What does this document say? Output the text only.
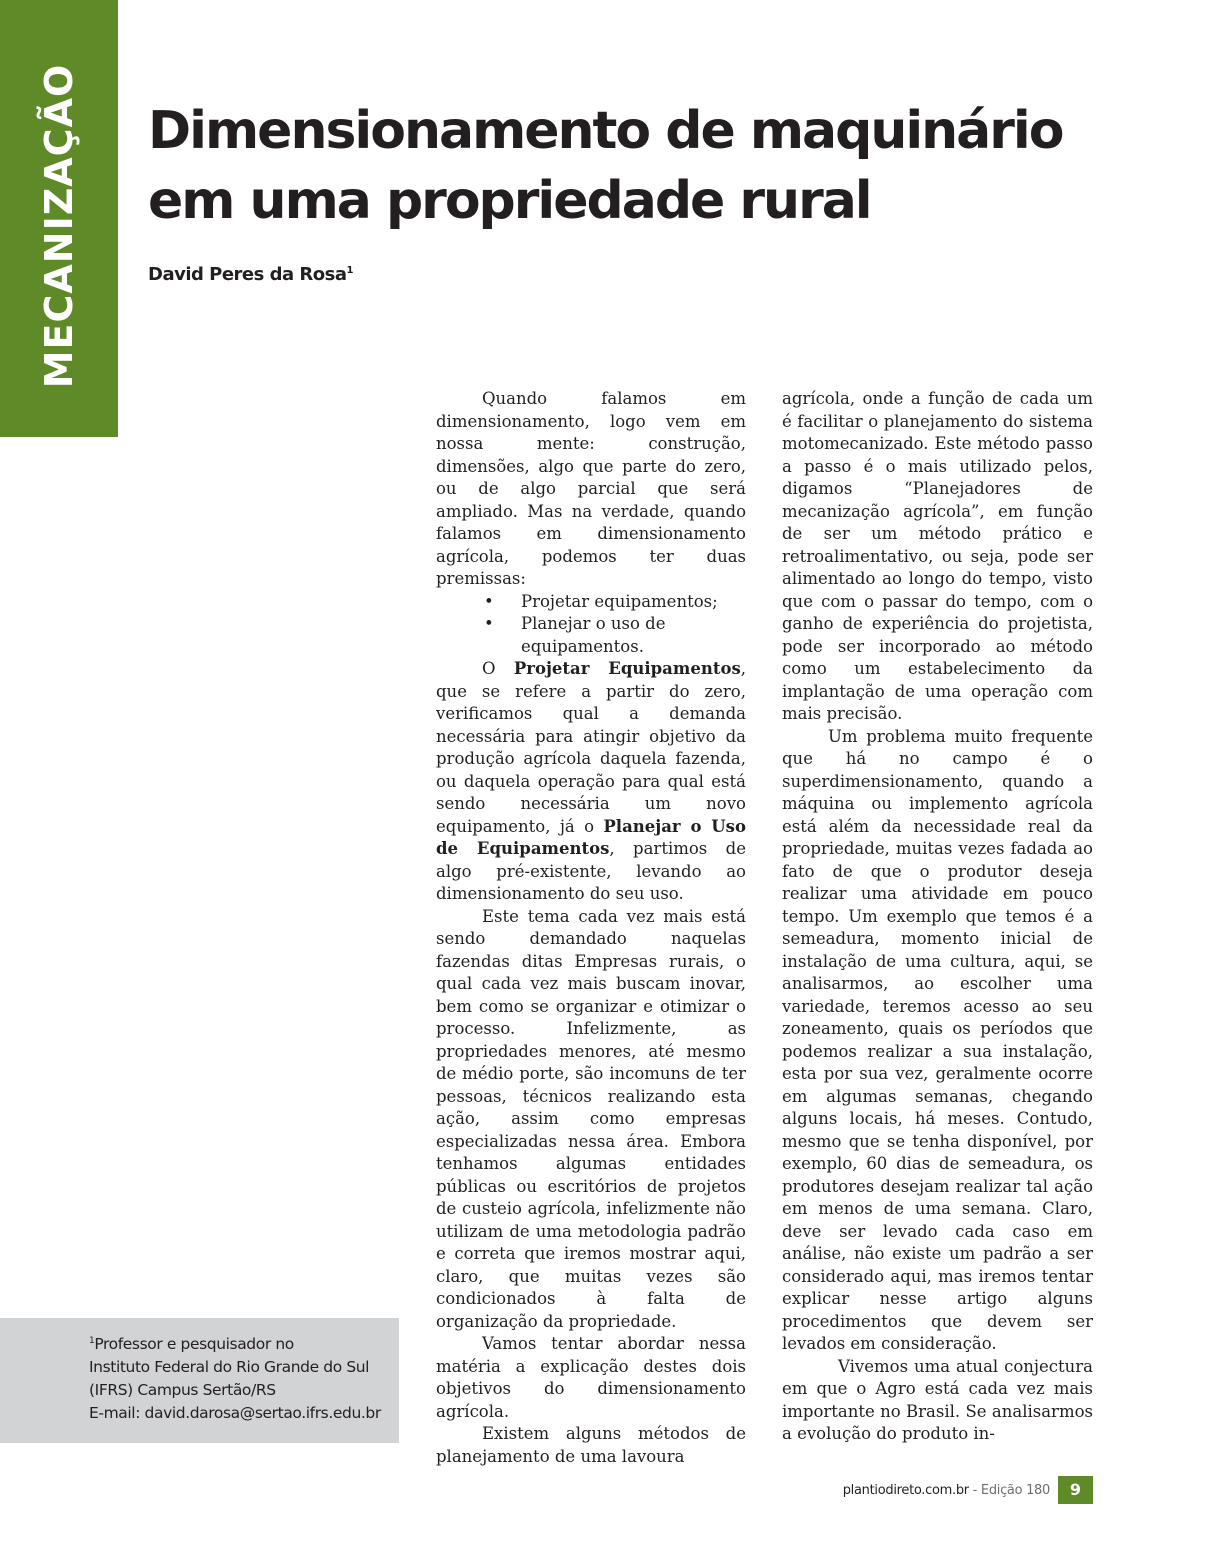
MECANIZAÇÃO Dimensionamento de maquinário
em uma propriedade rural
David Peres da Rosa$^1$

Quando falamos em dimensionamento, logo vem em nossa mente: construção, dimensões, algo que parte do zero, ou de algo parcial que será ampliado. Mas na verdade, quando falamos em dimensionamento agrícola, podemos ter duas premissas:

• Projetar equipamentos;
• Planejar o uso de equipamentos.

O Projetar Equipamentos, que se refere a partir do zero, verificamos qual a demanda necessária para atingir objetivo da produção agrícola daquela fazenda, ou daquela operação para qual está sendo necessária um novo equipamento, já o Planejar o Uso de Equipamentos, partimos de algo pré-existente, levando ao dimensionamento do seu uso.

Este tema cada vez mais está sendo demandado naquelas fazendas ditas Empresas rurais, o qual cada vez mais buscam inovar, bem como se organizar e otimizar o processo. Infelizmente, as propriedades menores, até mesmo de médio porte, são incomuns de ter pessoas, técnicos realizando esta ação, assim como empresas especializadas nessa área. Embora tenhamos algumas entidades públicas ou escritórios de projetos de custeio agrícola, infelizmente não utilizam de uma metodologia padrão e correta que iremos mostrar aqui, claro, que muitas vezes são condicionados à falta de organização da propriedade.

Vamos tentar abordar nessa matéria a explicação destes dois objetivos do dimensionamento agrícola.

Existem alguns métodos de planejamento de uma lavoura

agrícola, onde a função de cada um é facilitar o planejamento do sistema motomecanizado. Este método passo a passo é o mais utilizado pelos, digamos “Planejadores de mecanização agrícola”, em função de ser um método prático e retroalimentativo, ou seja, pode ser alimentado ao longo do tempo, visto que com o passar do tempo, com o ganho de experiência do projetista, pode ser incorporado ao método como um estabelecimento da implantação de uma operação com mais precisão.

Um problema muito frequente que há no campo é o superdimensionamento, quando a máquina ou implemento agrícola está além da necessidade real da propriedade, muitas vezes fadada ao fato de que o produtor deseja realizar uma atividade em pouco tempo. Um exemplo que temos é a semeadura, momento inicial de instalação de uma cultura, aqui, se analisarmos, ao escolher uma variedade, teremos acesso ao seu zoneamento, quais os períodos que podemos realizar a sua instalação, esta por sua vez, geralmente ocorre em algumas semanas, chegando alguns locais, há meses. Contudo, mesmo que se tenha disponível, por exemplo, 60 dias de semeadura, os produtores desejam realizar tal ação em menos de uma semana. Claro, deve ser levado cada caso em análise, não existe um padrão a ser considerado aqui, mas iremos tentar explicar nesse artigo alguns procedimentos que devem ser levados em consideração.

Vivemos uma atual conjectura em que o Agro está cada vez mais importante no Brasil. Se analisarmos a evolução do produto in-

$^1$Professor e pesquisador no
Instituto Federal do Rio Grande do Sul
(IFRS) Campus Sertão/RS
E-mail: david.darosa@sertao.ifrs.edu.br
plantiodireto.com.br - Edição 180	9
